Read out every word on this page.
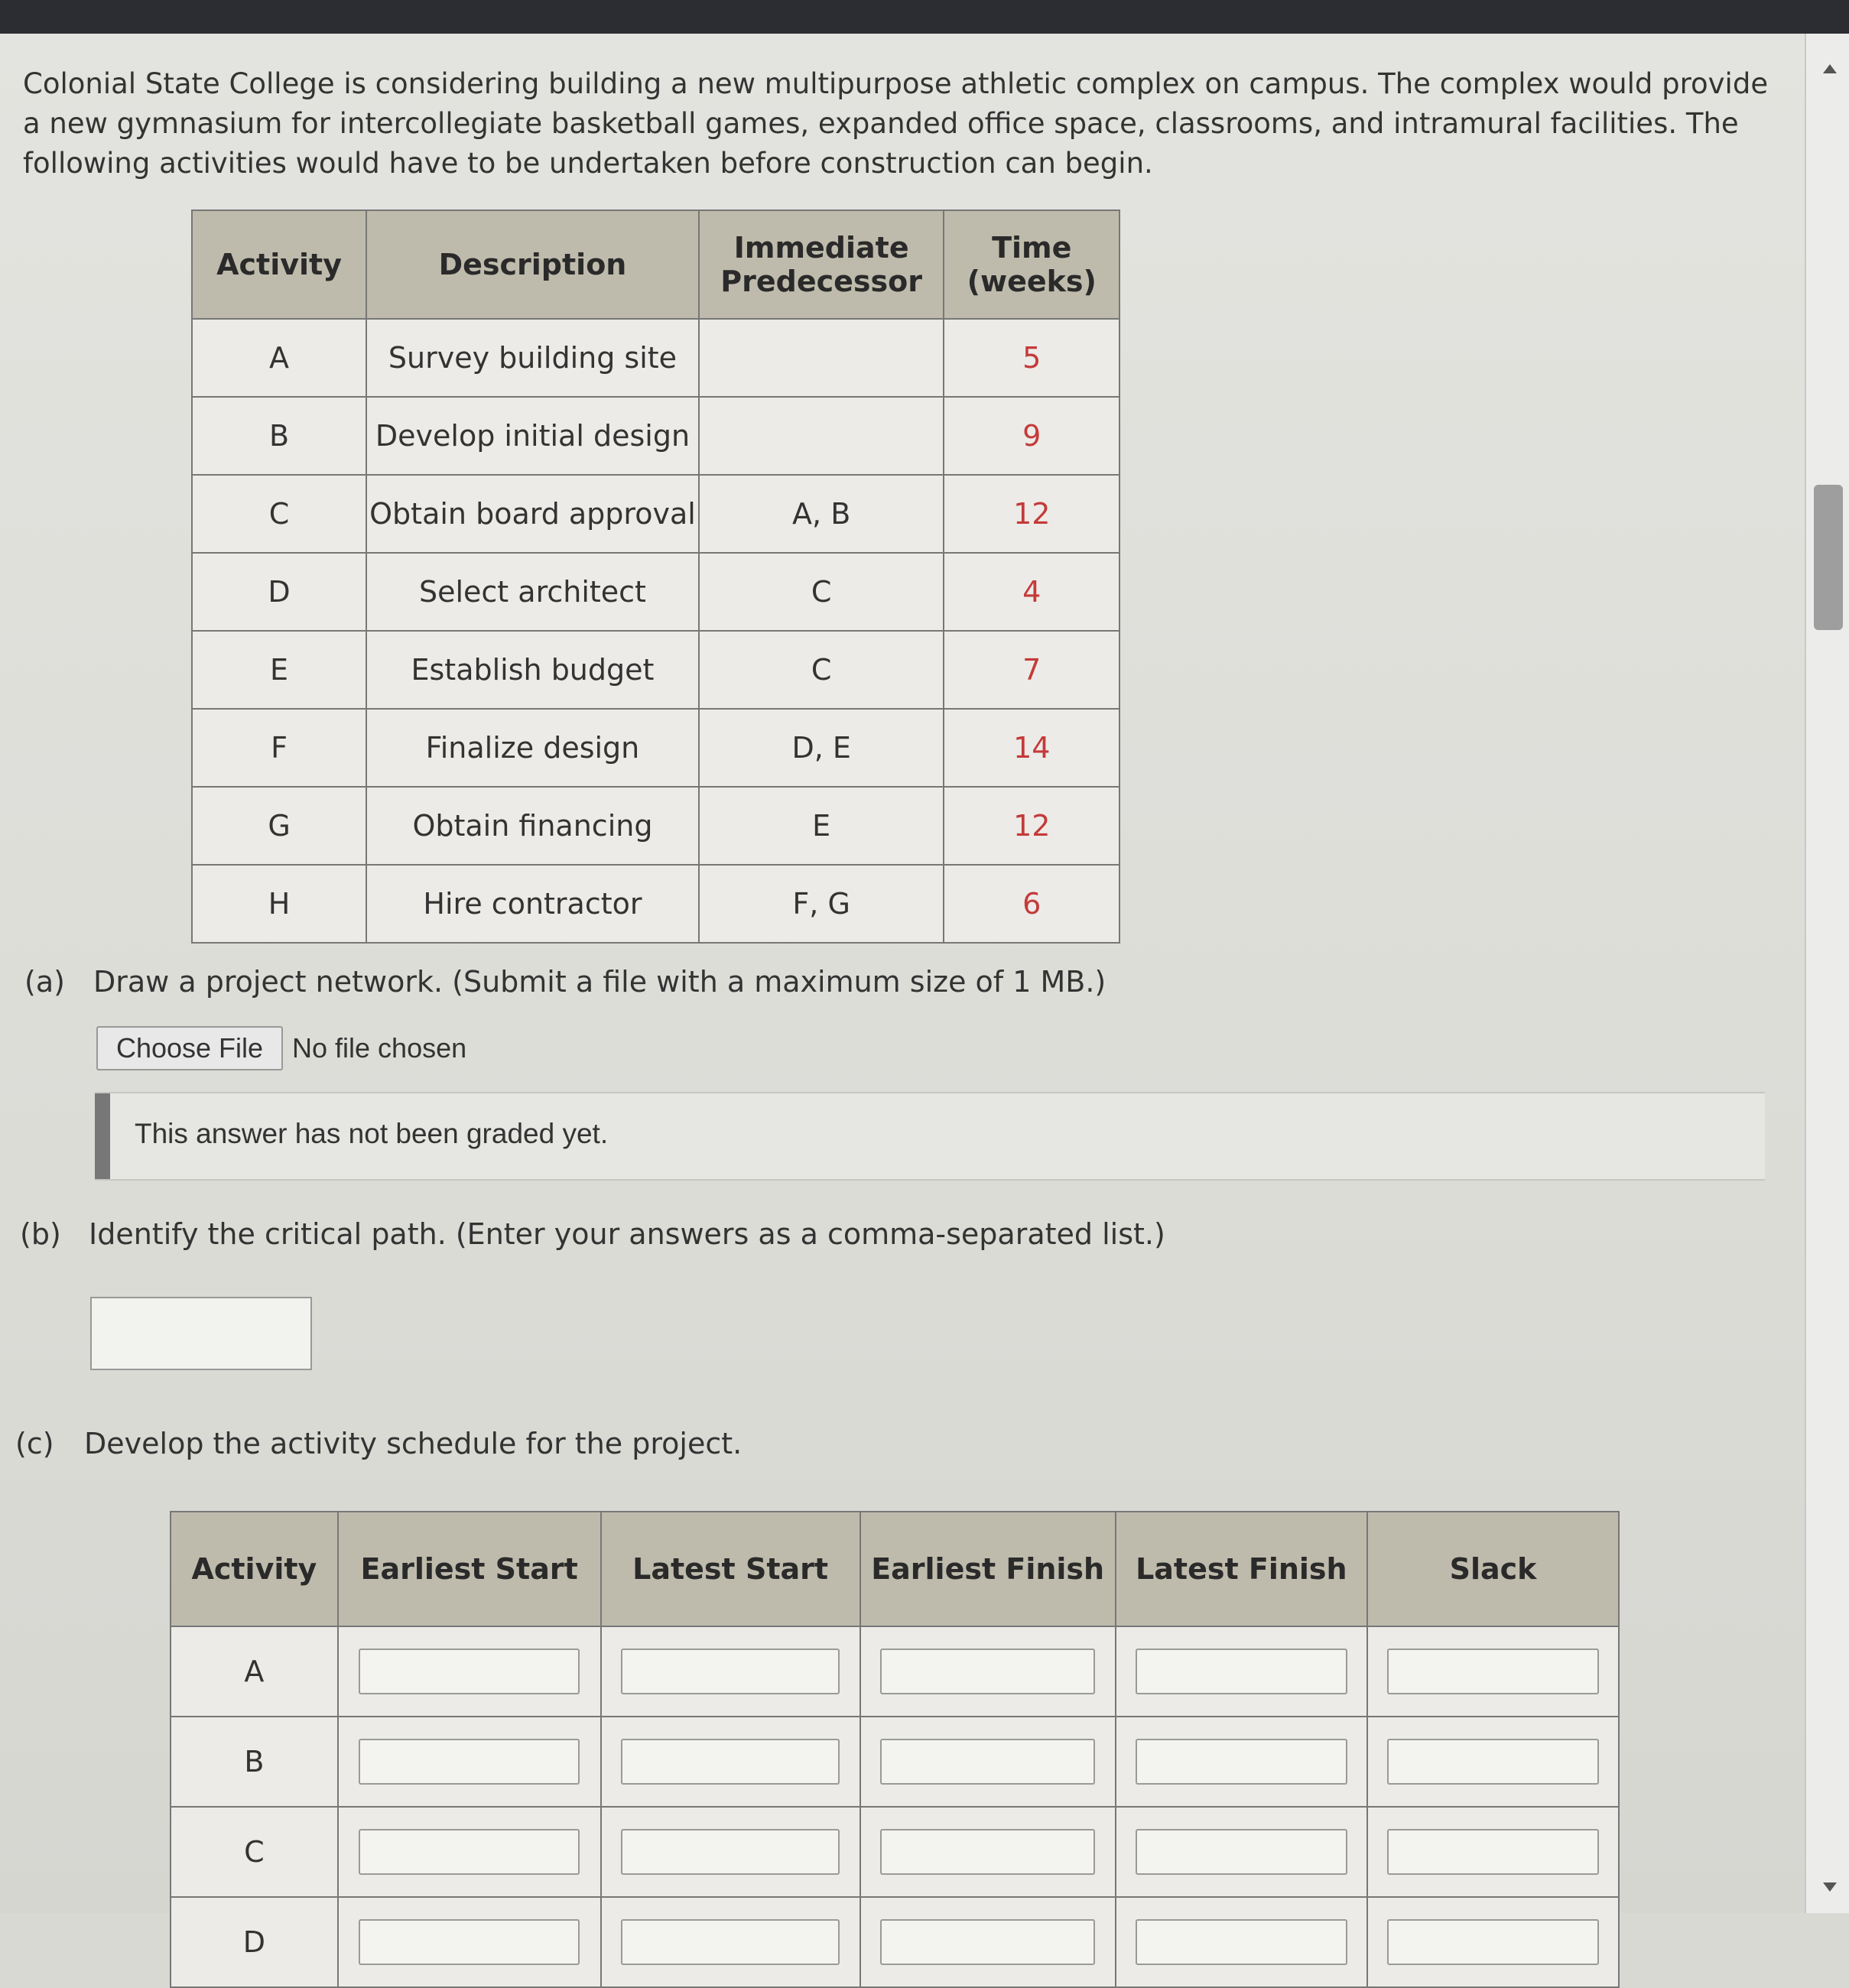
Colonial State College is considering building a new multipurpose athletic complex on campus. The complex would provide a new gymnasium for intercollegiate basketball games, expanded office space, classrooms, and intramural facilities. The following activities would have to be undertaken before construction can begin.
Activity	Description	Immediate Predecessor	Time (weeks)
A	Survey building site		5
B	Develop initial design		9
C	Obtain board approval	A, B	12
D	Select architect	C	4
E	Establish budget	C	7
F	Finalize design	D, E	14
G	Obtain financing	E	12
H	Hire contractor	F, G	6
(a) Draw a project network. (Submit a file with a maximum size of 1 MB.)
Choose File	No file chosen
This answer has not been graded yet.
(b) Identify the critical path. (Enter your answers as a comma-separated list.)
(c) Develop the activity schedule for the project.
Activity	Earliest Start	Latest Start	Earliest Finish	Latest Finish	Slack
A					
B					
C					
D					
